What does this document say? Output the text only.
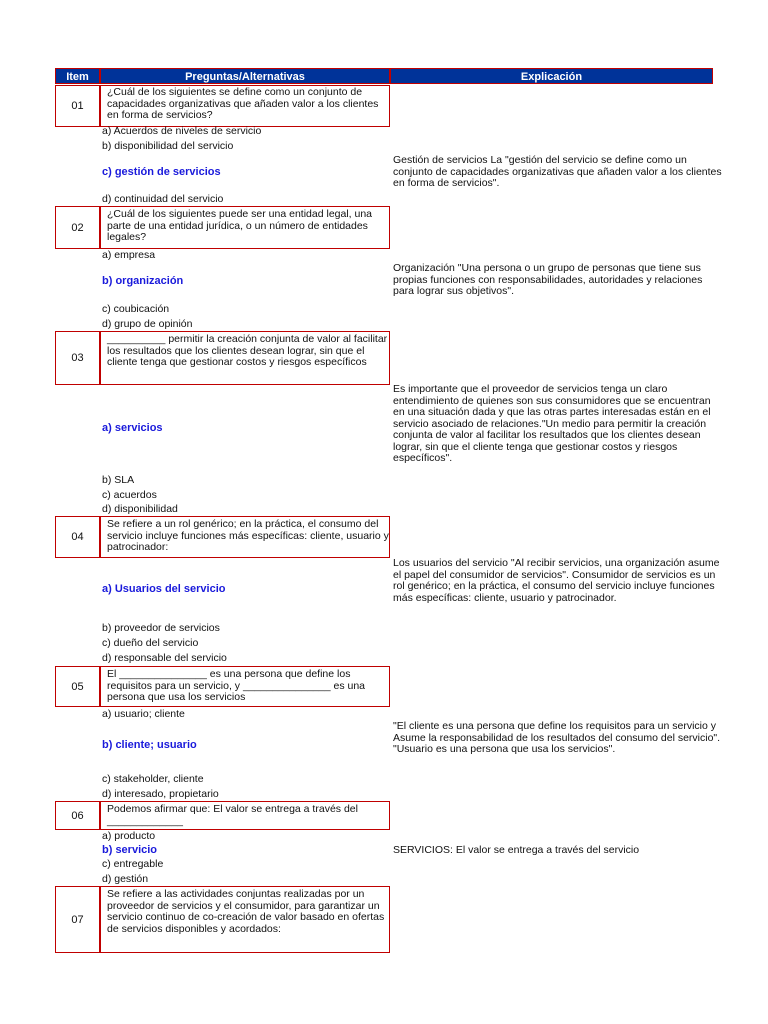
Item	Preguntas/Alternativas	Explicación
01
¿Cuál de los siguientes se define como un conjunto de capacidades organizativas que añaden valor a los clientes en forma de servicios?
a) Acuerdos de niveles de servicio
b) disponibilidad del servicio
c) gestión de servicios
d) continuidad del servicio
Gestión de servicios La "gestión del servicio se define como un conjunto de capacidades organizativas que añaden valor a los clientes en forma de servicios".
02
¿Cuál de los siguientes puede ser una entidad legal, una parte de una entidad jurídica, o un número de entidades legales?
a) empresa
b) organización
c) coubicación
d) grupo de opinión
Organización "Una persona o un grupo de personas que tiene sus propias funciones con responsabilidades, autoridades y relaciones para lograr sus objetivos".
03
__________ permitir la creación conjunta de valor al facilitar los resultados que los clientes desean lograr, sin que el cliente tenga que gestionar costos y riesgos específicos
a) servicios
b) SLA
c) acuerdos
d) disponibilidad
Es importante que el proveedor de servicios tenga un claro entendimiento de quienes son sus consumidores que se encuentran en una situación dada y que las otras partes interesadas están en el servicio asociado de relaciones."Un medio para permitir la creación conjunta de valor al facilitar los resultados que los clientes desean lograr, sin que el cliente tenga que gestionar costos y riesgos específicos".
04
Se refiere a un rol genérico; en la práctica, el consumo del servicio incluye funciones más específicas: cliente, usuario y patrocinador:
a) Usuarios del servicio
b) proveedor de servicios
c) dueño del servicio
d) responsable del servicio
Los usuarios del servicio "Al recibir servicios, una organización asume el papel del consumidor de servicios". Consumidor de servicios es un rol genérico; en la práctica, el consumo del servicio incluye funciones más específicas: cliente, usuario y patrocinador.
05
El _______________ es una persona que define los requisitos para un servicio, y _______________ es una persona que usa los servicios
a) usuario; cliente
b) cliente; usuario
c) stakeholder, cliente
d) interesado, propietario
"El cliente es una persona que define los requisitos para un servicio y Asume la responsabilidad de los resultados del consumo del servicio". "Usuario es una persona que usa los servicios".
06
Podemos afirmar que: El valor se entrega a través del _____________
a) producto
b) servicio
c) entregable
d) gestión
SERVICIOS: El valor se entrega a través del servicio
07
Se refiere a las actividades conjuntas realizadas por un proveedor de servicios y el consumidor, para garantizar un servicio continuo de co-creación de valor basado en ofertas de servicios disponibles y acordados:
